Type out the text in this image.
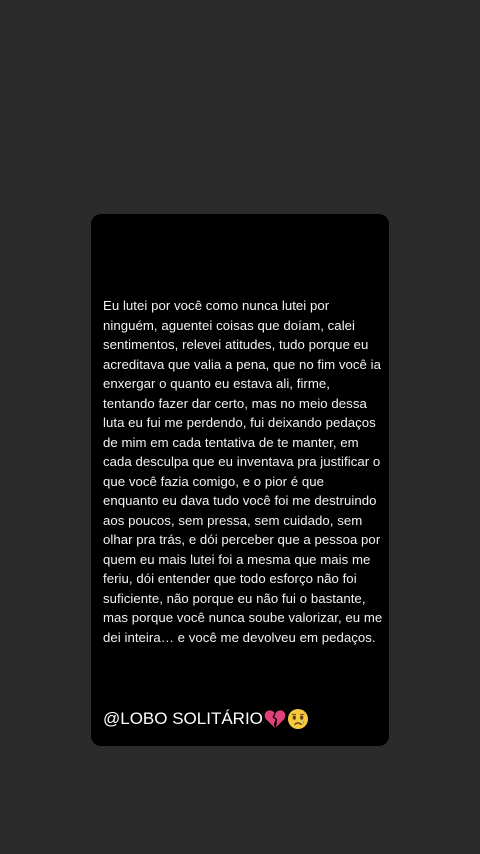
Eu lutei por você como nunca lutei por ninguém, aguentei coisas que doíam, calei sentimentos, relevei atitudes, tudo porque eu acreditava que valia a pena, que no fim você ia enxergar o quanto eu estava ali, firme, tentando fazer dar certo, mas no meio dessa luta eu fui me perdendo, fui deixando pedaços de mim em cada tentativa de te manter, em cada desculpa que eu inventava pra justificar o que você fazia comigo, e o pior é que enquanto eu dava tudo você foi me destruindo aos poucos, sem pressa, sem cuidado, sem olhar pra trás, e dói perceber que a pessoa por quem eu mais lutei foi a mesma que mais me feriu, dói entender que todo esforço não foi suficiente, não porque eu não fui o bastante, mas porque você nunca soube valorizar, eu me dei inteira… e você me devolveu em pedaços.

@LOBO SOLITÁRIO
